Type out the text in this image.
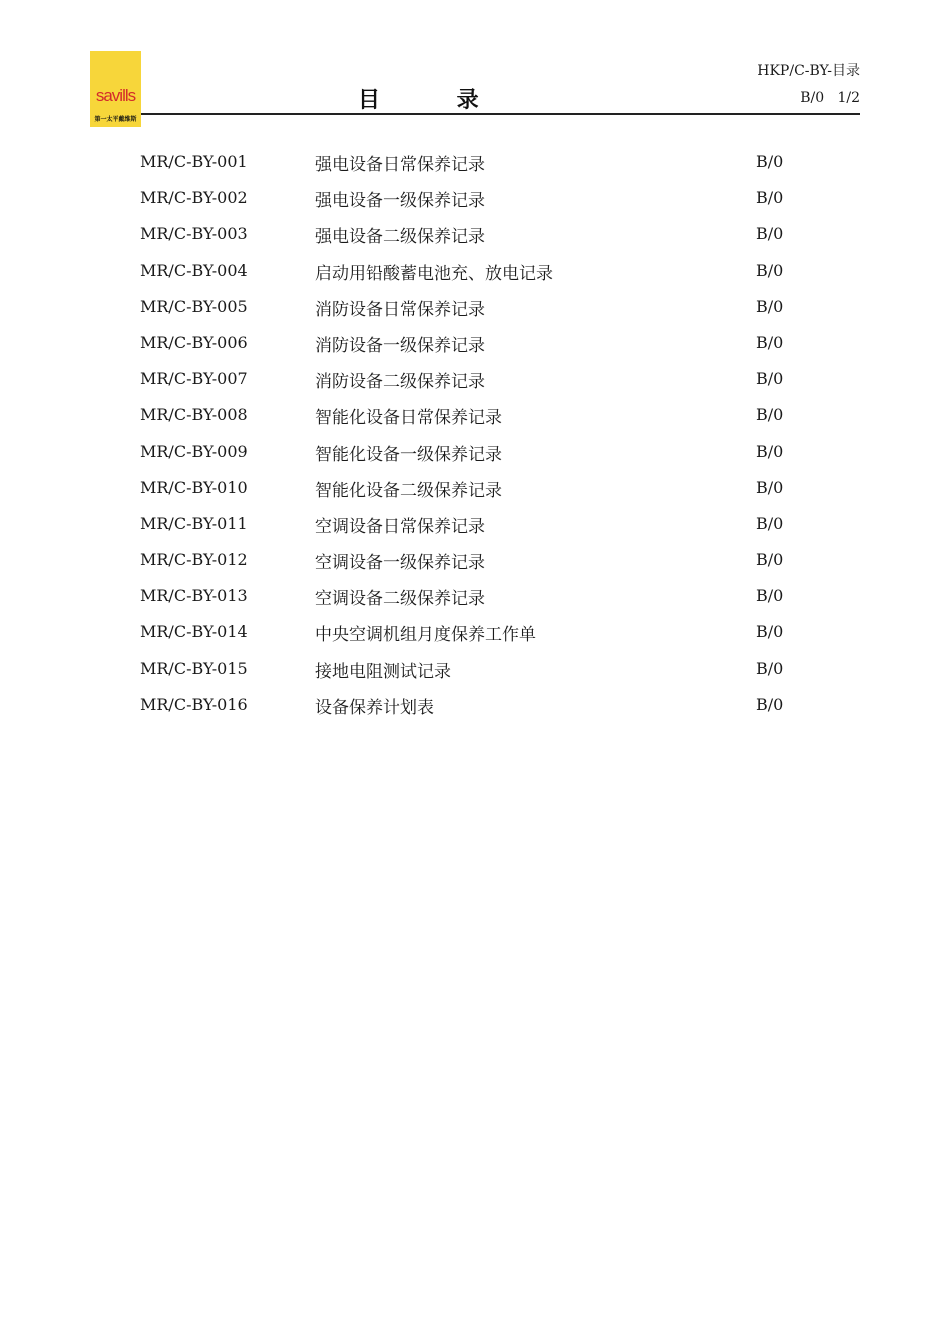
savills
第一太平戴维斯
目          录
HKP/C-BY-目录
B/0   1/2
MR/C-BY-001	强电设备日常保养记录	B/0
MR/C-BY-002	强电设备一级保养记录	B/0
MR/C-BY-003	强电设备二级保养记录	B/0
MR/C-BY-004	启动用铅酸蓄电池充、放电记录	B/0
MR/C-BY-005	消防设备日常保养记录	B/0
MR/C-BY-006	消防设备一级保养记录	B/0
MR/C-BY-007	消防设备二级保养记录	B/0
MR/C-BY-008	智能化设备日常保养记录	B/0
MR/C-BY-009	智能化设备一级保养记录	B/0
MR/C-BY-010	智能化设备二级保养记录	B/0
MR/C-BY-011	空调设备日常保养记录	B/0
MR/C-BY-012	空调设备一级保养记录	B/0
MR/C-BY-013	空调设备二级保养记录	B/0
MR/C-BY-014	中央空调机组月度保养工作单	B/0
MR/C-BY-015	接地电阻测试记录	B/0
MR/C-BY-016	设备保养计划表	B/0
